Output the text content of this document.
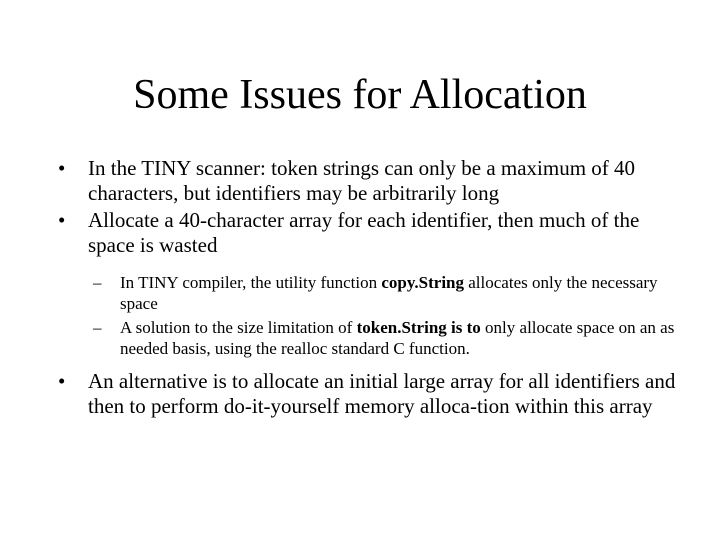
Some Issues for Allocation
• In the TINY scanner: token strings can only be a maximum of 40 characters, but identifiers may be arbitrarily long
• Allocate a 40-character array for each identifier, then much of the space is wasted
– In TINY compiler, the utility function copy.String allocates only the necessary space
– A solution to the size limitation of token.String is to only allocate space on an as needed basis, using the realloc standard C function.
• An alternative is to allocate an initial large array for all identifiers and then to perform do-it-yourself memory alloca-tion within this array
